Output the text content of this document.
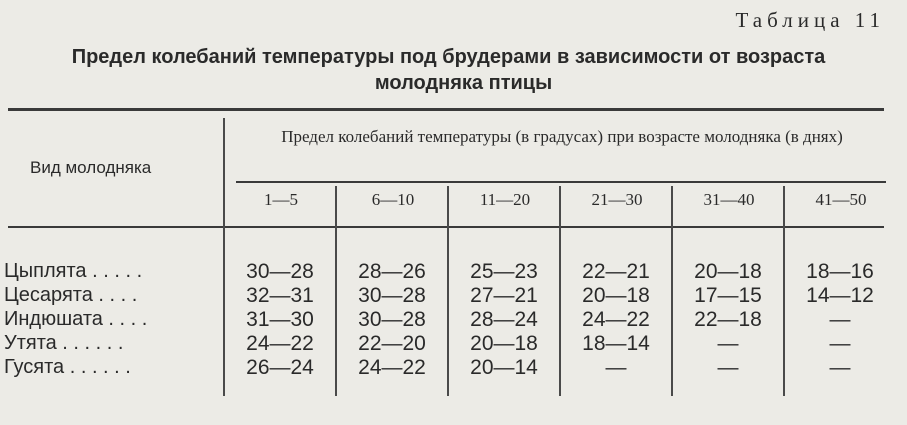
Таблица 11
Предел колебаний температуры под брудерами в зависимости от возраста
молодняка птицы
Вид молодняка
Предел колебаний температуры (в градусах) при возрасте молодняка (в днях)
1—5	6—10	11—20	21—30	31—40	41—50
Цыплята . . . . .	30—28	28—26	25—23	22—21	20—18	18—16
Цесарята . . . .	32—31	30—28	27—21	20—18	17—15	14—12
Индюшата . . . .	31—30	30—28	28—24	24—22	22—18	—
Утята . . . . . .	24—22	22—20	20—18	18—14	—	—
Гусята . . . . . .	26—24	24—22	20—14	—	—	—
